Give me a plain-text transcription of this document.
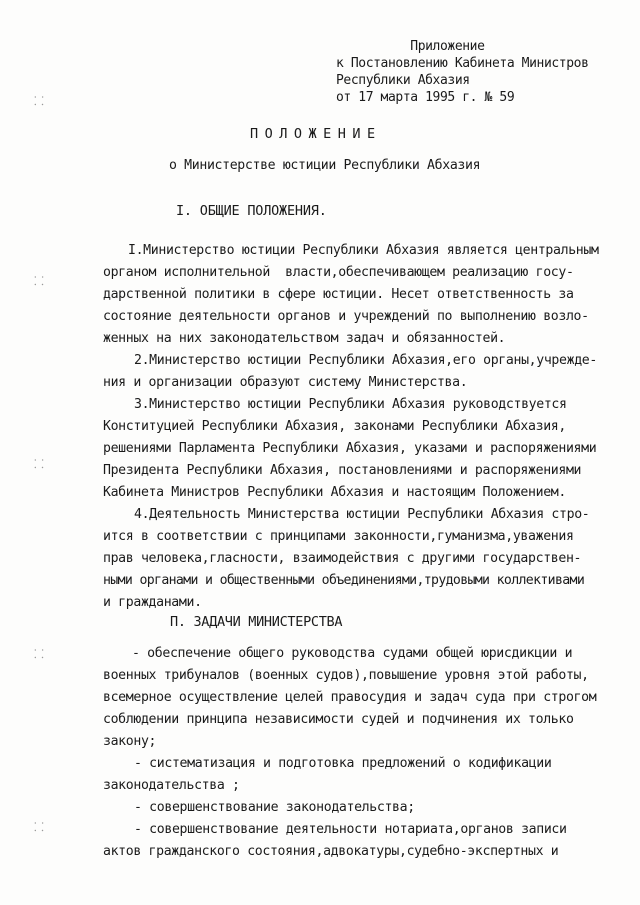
⸬
⸬
⸬
⸬
⸬
Приложение
к Постановлению Кабинета Министров
Республики Абхазия
от 17 марта 1995 г. № 59
ПОЛОЖЕНИЕ
о Министерстве юстиции Республики Абхазия
I. ОБЩИЕ ПОЛОЖЕНИЯ.
I.Министерство юстиции Республики Абхазия является центральным
органом исполнительной  власти,обеспечивающем реализацию госу-
дарственной политики в сфере юстиции. Несет ответственность за
состояние деятельности органов и учреждений по выполнению возло-
женных на них законодательством задач и обязанностей.
2.Министерство юстиции Республики Абхазия,его органы,учрежде-
ния и организации образуют систему Министерства.
3.Министерство юстиции Республики Абхазия руководствуется
Конституцией Республики Абхазия, законами Республики Абхазия,
решениями Парламента Республики Абхазия, указами и распоряжениями
Президента Республики Абхазия, постановлениями и распоряжениями
Кабинета Министров Республики Абхазия и настоящим Положением.
4.Деятельность Министерства юстиции Республики Абхазия стро-
ится в соответствии с принципами законности,гуманизма,уважения
прав человека,гласности, взаимодействия с другими государствен-
ными органами и общественными объединениями,трудовыми коллективами
и гражданами.
П. ЗАДАЧИ МИНИСТЕРСТВА
- обеспечение общего руководства судами общей юрисдикции и
военных трибуналов (военных судов),повышение уровня этой работы,
всемерное осуществление целей правосудия и задач суда при строгом
соблюдении принципа независимости судей и подчинения их только
закону;
- систематизация и подготовка предложений о кодификации
законодательства ;
- совершенствование законодательства;
- совершенствование деятельности нотариата,органов записи
актов гражданского состояния,адвокатуры,судебно-экспертных и
